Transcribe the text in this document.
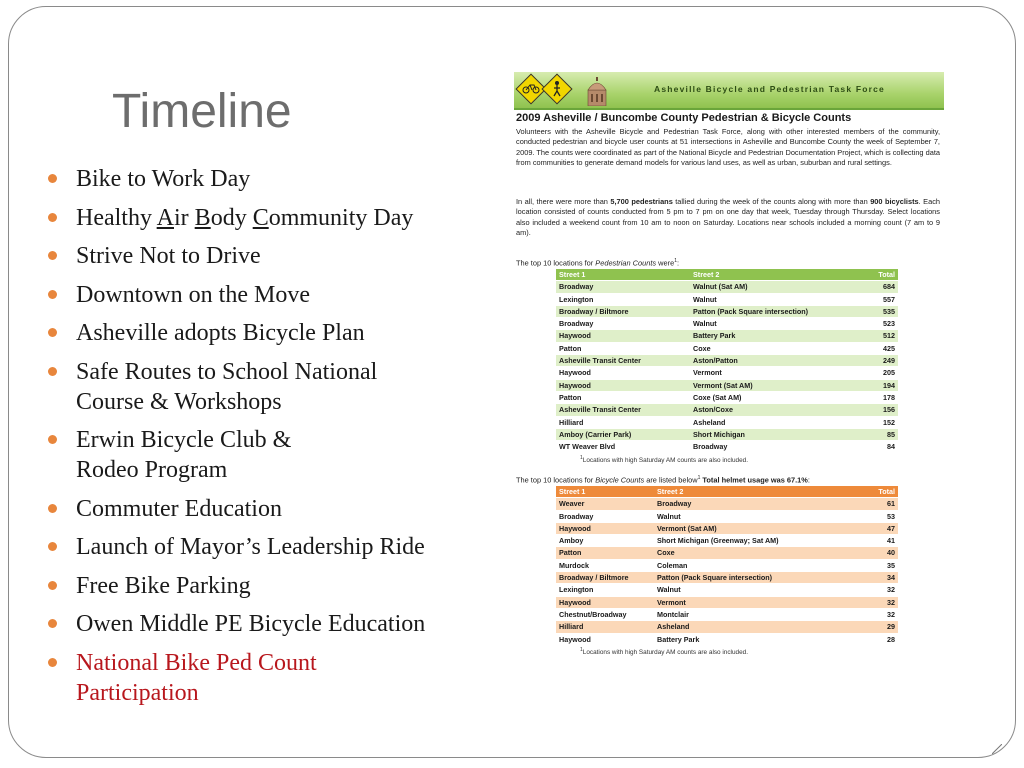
Timeline
Bike to Work Day
Healthy Air Body Community Day
Strive Not to Drive
Downtown on the Move
Asheville adopts Bicycle Plan
Safe Routes to School National
Course & Workshops
Erwin Bicycle Club &
Rodeo Program
Commuter Education
Launch of Mayor’s Leadership Ride
Free Bike Parking
Owen Middle PE Bicycle Education
National Bike Ped Count
Participation
Asheville Bicycle and Pedestrian Task Force
2009 Asheville / Buncombe County Pedestrian & Bicycle Counts
Volunteers with the Asheville Bicycle and Pedestrian Task Force, along with other interested members of the community, conducted pedestrian and bicycle user counts at 51 intersections in Asheville and Buncombe County the week of September 7, 2009. The counts were coordinated as part of the National Bicycle and Pedestrian Documentation Project, which is collecting data from communities to generate demand models for various land uses, as well as urban, suburban and rural settings.
In all, there were more than 5,700 pedestrians tallied during the week of the counts along with more than 900 bicyclists. Each location consisted of counts conducted from 5 pm to 7 pm on one day that week, Tuesday through Thursday. Select locations also included a weekend count from 10 am to noon on Saturday. Locations near schools included a morning count (7 am to 9 am).
The top 10 locations for Pedestrian Counts were$^1$:
Street 1	Street 2	Total
Broadway	Walnut (Sat AM)	684
Lexington	Walnut	557
Broadway / Biltmore	Patton (Pack Square intersection)	535
Broadway	Walnut	523
Haywood	Battery Park	512
Patton	Coxe	425
Asheville Transit Center	Aston/Patton	249
Haywood	Vermont	205
Haywood	Vermont (Sat AM)	194
Patton	Coxe (Sat AM)	178
Asheville Transit Center	Aston/Coxe	156
Hilliard	Asheland	152
Amboy (Carrier Park)	Short Michigan	85
WT Weaver Blvd	Broadway	84
$^1$Locations with high Saturday AM counts are also included.
The top 10 locations for Bicycle Counts are listed below$^1$ Total helmet usage was 67.1%:
Street 1	Street 2	Total
Weaver	Broadway	61
Broadway	Walnut	53
Haywood	Vermont (Sat AM)	47
Amboy	Short Michigan (Greenway; Sat AM)	41
Patton	Coxe	40
Murdock	Coleman	35
Broadway / Biltmore	Patton (Pack Square intersection)	34
Lexington	Walnut	32
Haywood	Vermont	32
Chestnut/Broadway	Montclair	32
Hilliard	Asheland	29
Haywood	Battery Park	28
$^1$Locations with high Saturday AM counts are also included.
